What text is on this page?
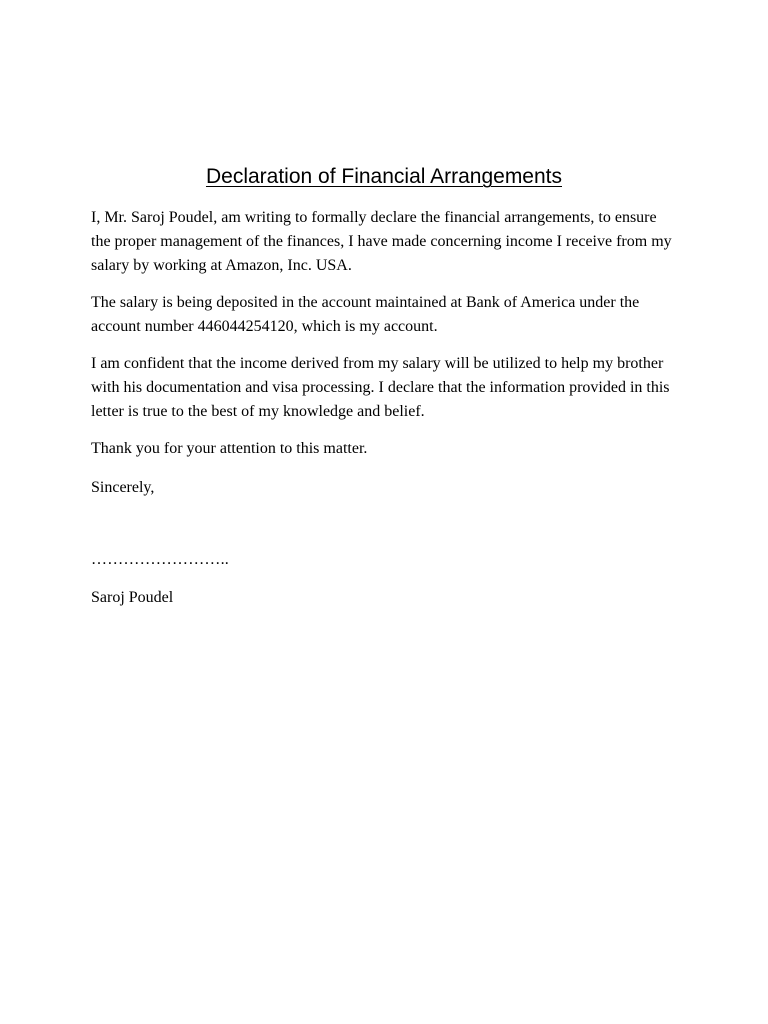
Declaration of Financial Arrangements

I, Mr. Saroj Poudel, am writing to formally declare the financial arrangements, to ensure the proper management of the finances, I have made concerning income I receive from my salary by working at Amazon, Inc. USA.

The salary is being deposited in the account maintained at Bank of America under the account number 446044254120, which is my account.

I am confident that the income derived from my salary will be utilized to help my brother with his documentation and visa processing. I declare that the information provided in this letter is true to the best of my knowledge and belief.

Thank you for your attention to this matter.

Sincerely,
……………………..
Saroj Poudel
